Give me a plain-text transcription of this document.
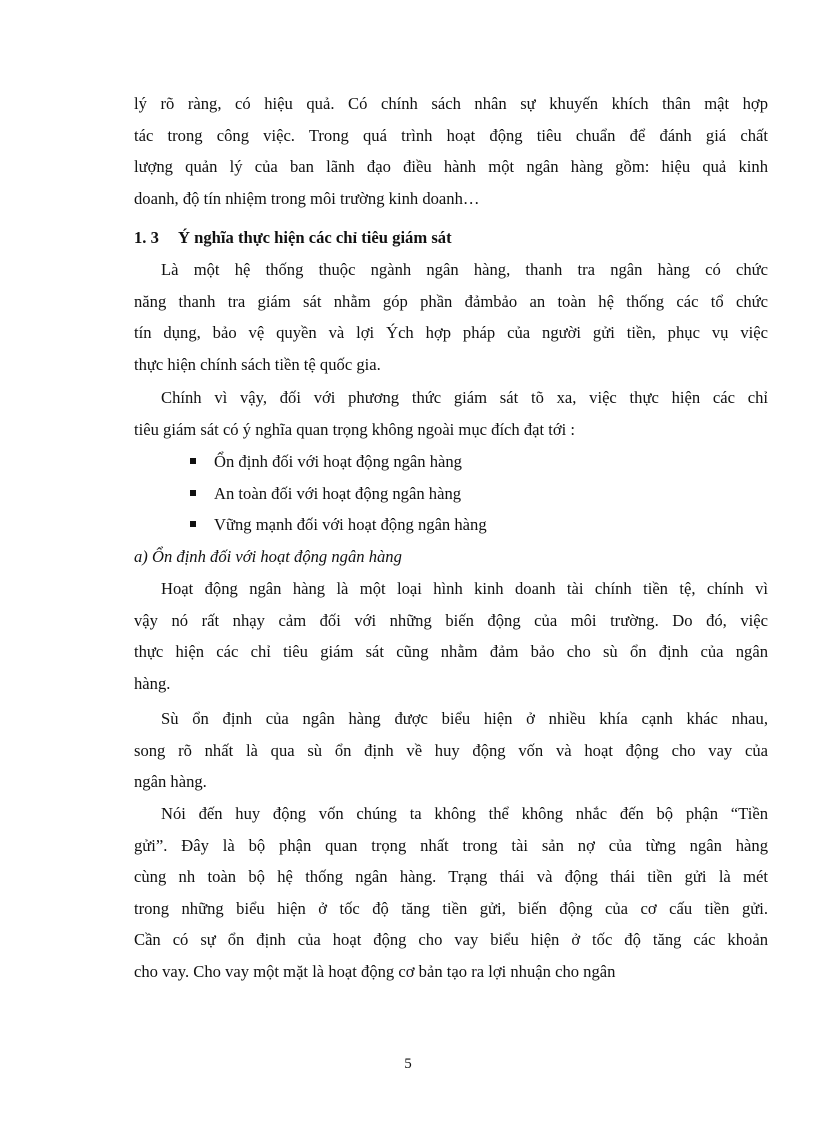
lý rõ ràng, có hiệu quả. Có chính sách nhân sự khuyến khích thân mật hợp
tác trong công việc. Trong quá trình hoạt động tiêu chuẩn để đánh giá chất
lượng quản lý của ban lãnh đạo điều hành một ngân hàng gồm: hiệu quả kinh
doanh, độ tín nhiệm trong môi trường kinh doanh…
1. 3 Ý nghĩa thực hiện các chỉ tiêu giám sát
Là một hệ thống thuộc ngành ngân hàng, thanh tra ngân hàng có chức
năng thanh tra giám sát nhằm góp phần đảmbảo an toàn hệ thống các tổ chức
tín dụng, bảo vệ quyền và lợi Ých hợp pháp của người gửi tiền, phục vụ việc
thực hiện chính sách tiền tệ quốc gia.
Chính vì vậy, đối với phương thức giám sát tõ xa, việc thực hiện các chỉ
tiêu giám sát có ý nghĩa quan trọng không ngoài mục đích đạt tới :
Ổn định đối với hoạt động ngân hàng
An toàn đối với hoạt động ngân hàng
Vững mạnh đối với hoạt động ngân hàng
a) Ổn định đối với hoạt động ngân hàng
Hoạt động ngân hàng là một loại hình kinh doanh tài chính tiền tệ, chính vì
vậy nó rất nhạy cảm đối với những biến động của môi trường. Do đó, việc
thực hiện các chỉ tiêu giám sát cũng nhằm đảm bảo cho sù ổn định của ngân
hàng.
Sù ổn định của ngân hàng được biểu hiện ở nhiều khía cạnh khác nhau,
song rõ nhất là qua sù ổn định về huy động vốn và hoạt động cho vay của
ngân hàng.
Nói đến huy động vốn chúng ta không thể không nhắc đến bộ phận “Tiền
gửi”. Đây là bộ phận quan trọng nhất trong tài sản nợ của từng ngân hàng
cùng nh toàn bộ hệ thống ngân hàng. Trạng thái và động thái tiền gửi là mét
trong những biểu hiện ở tốc độ tăng tiền gửi, biến động của cơ cấu tiền gửi.
Cần có sự ổn định của hoạt động cho vay biểu hiện ở tốc độ tăng các khoản
cho vay. Cho vay một mặt là hoạt động cơ bản tạo ra lợi nhuận cho ngân
5
